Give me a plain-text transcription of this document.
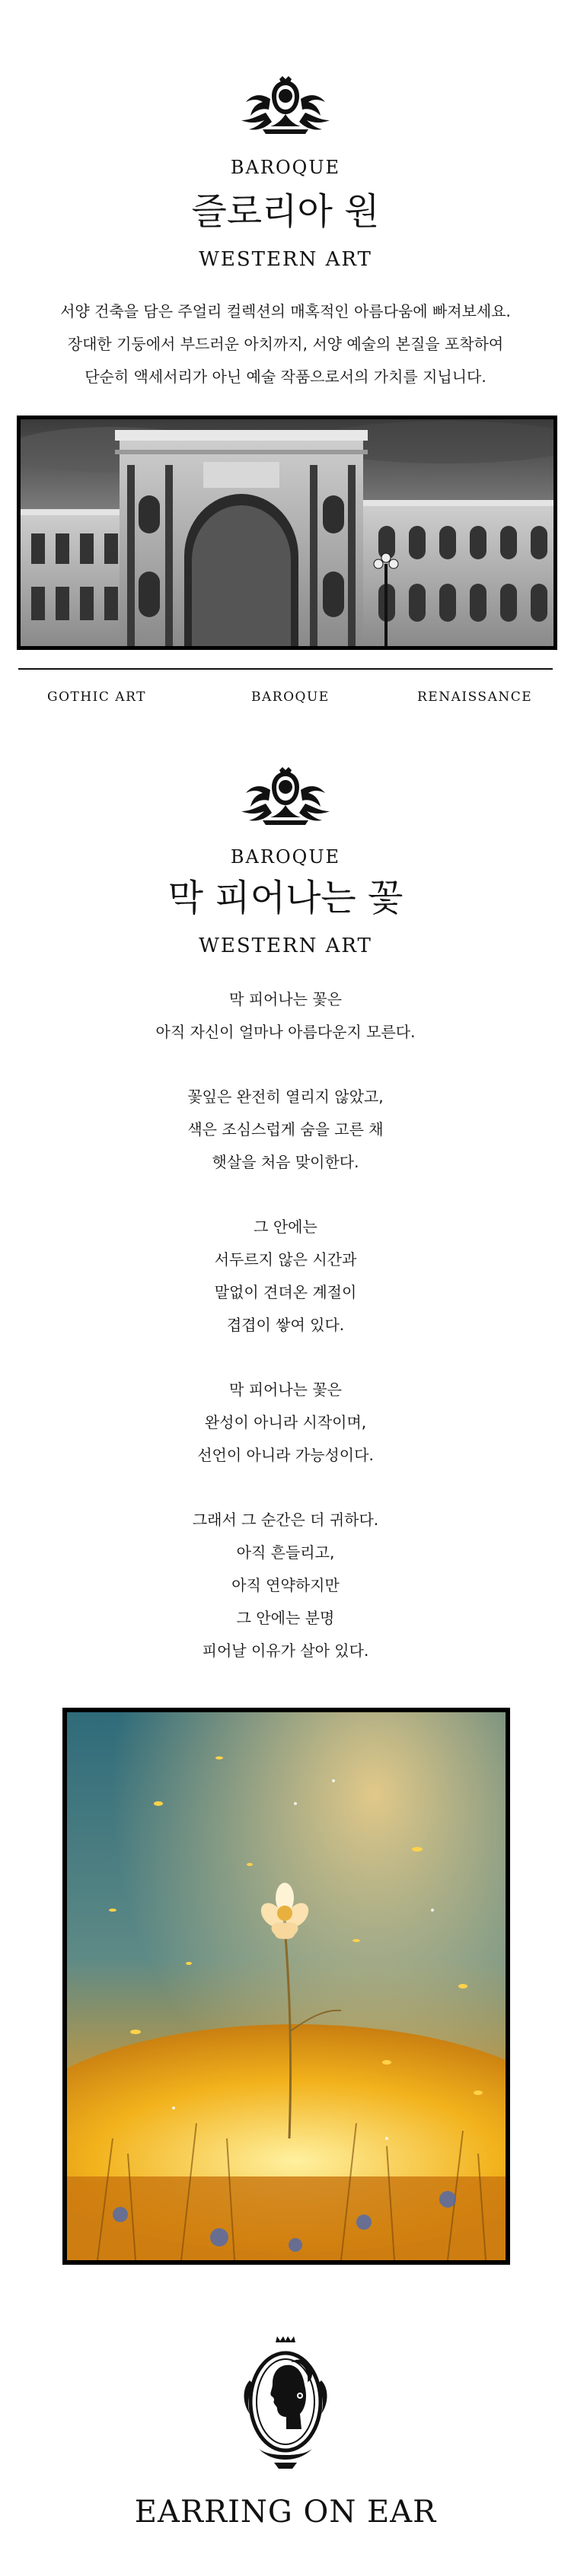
BAROQUE
즐로리아 원
WESTERN ART
서양 건축을 담은 주얼리 컬렉션의 매혹적인 아름다움에 빠져보세요.
장대한 기둥에서 부드러운 아치까지, 서양 예술의 본질을 포착하여
단순히 액세서리가 아닌 예술 작품으로서의 가치를 지닙니다.
GOTHIC ART	BAROQUE	RENAISSANCE
BAROQUE
막 피어나는 꽃
WESTERN ART
막 피어나는 꽃은
아직 자신이 얼마나 아름다운지 모른다.
꽃잎은 완전히 열리지 않았고,
색은 조심스럽게 숨을 고른 채
햇살을 처음 맞이한다.
그 안에는
서두르지 않은 시간과
말없이 견뎌온 계절이
겹겹이 쌓여 있다.
막 피어나는 꽃은
완성이 아니라 시작이며,
선언이 아니라 가능성이다.
그래서 그 순간은 더 귀하다.
아직 흔들리고,
아직 연약하지만
그 안에는 분명
피어날 이유가 살아 있다.
EARRING ON EAR
